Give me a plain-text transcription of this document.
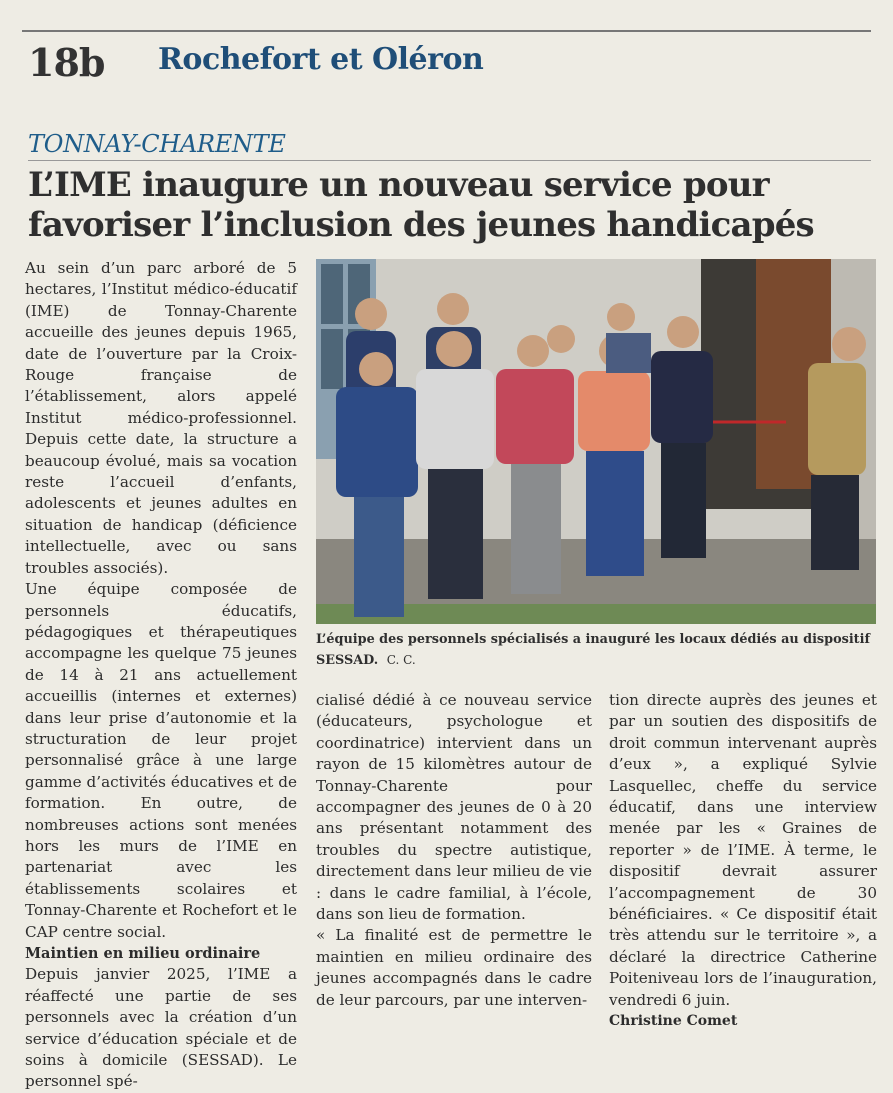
18b Rochefort et Oléron
TONNAY-CHARENTE
L’IME inaugure un nouveau service pour favoriser l’inclusion des jeunes handicapés

Au sein d’un parc arboré de 5 hectares, l’Institut médico-éducatif (IME) de Tonnay-Charente accueille des jeunes depuis 1965, date de l’ouverture par la Croix-Rouge française de l’établissement, alors appelé Institut médico-professionnel. Depuis cette date, la structure a beaucoup évolué, mais sa vocation reste l’accueil d’enfants, adolescents et jeunes adultes en situation de handicap (déficience intellectuelle, avec ou sans troubles associés).

Une équipe composée de personnels éducatifs, pédagogiques et thérapeutiques accompagne les quelque 75 jeunes de 14 à 21 ans actuellement accueillis (internes et externes) dans leur prise d’autonomie et la structuration de leur projet personnalisé grâce à une large gamme d’activités éducatives et de formation. En outre, de nombreuses actions sont menées hors les murs de l’IME en partenariat avec les établissements scolaires et Tonnay-Charente et Rochefort et le CAP centre social.

Maintien en milieu ordinaire

Depuis janvier 2025, l’IME a réaffecté une partie de ses personnels avec la création d’un service d’éducation spéciale et de soins à domicile (SESSAD). Le personnel spé-

L’équipe des personnels spécialisés a inauguré les locaux dédiés au dispositif SESSAD. C. C.

cialisé dédié à ce nouveau service (éducateurs, psychologue et coordinatrice) intervient dans un rayon de 15 kilomètres autour de Tonnay-Charente pour accompagner des jeunes de 0 à 20 ans présentant notamment des troubles du spectre autistique, directement dans leur milieu de vie : dans le cadre familial, à l’école, dans son lieu de formation.

« La finalité est de permettre le maintien en milieu ordinaire des jeunes accompagnés dans le cadre de leur parcours, par une interven-

tion directe auprès des jeunes et par un soutien des dispositifs de droit commun intervenant auprès d’eux », a expliqué Sylvie Lasquellec, cheffe du service éducatif, dans une interview menée par les « Graines de reporter » de l’IME. À terme, le dispositif devrait assurer l’accompagnement de 30 bénéficiaires. « Ce dispositif était très attendu sur le territoire », a déclaré la directrice Catherine Poiteniveau lors de l’inauguration, vendredi 6 juin.

Christine Comet
